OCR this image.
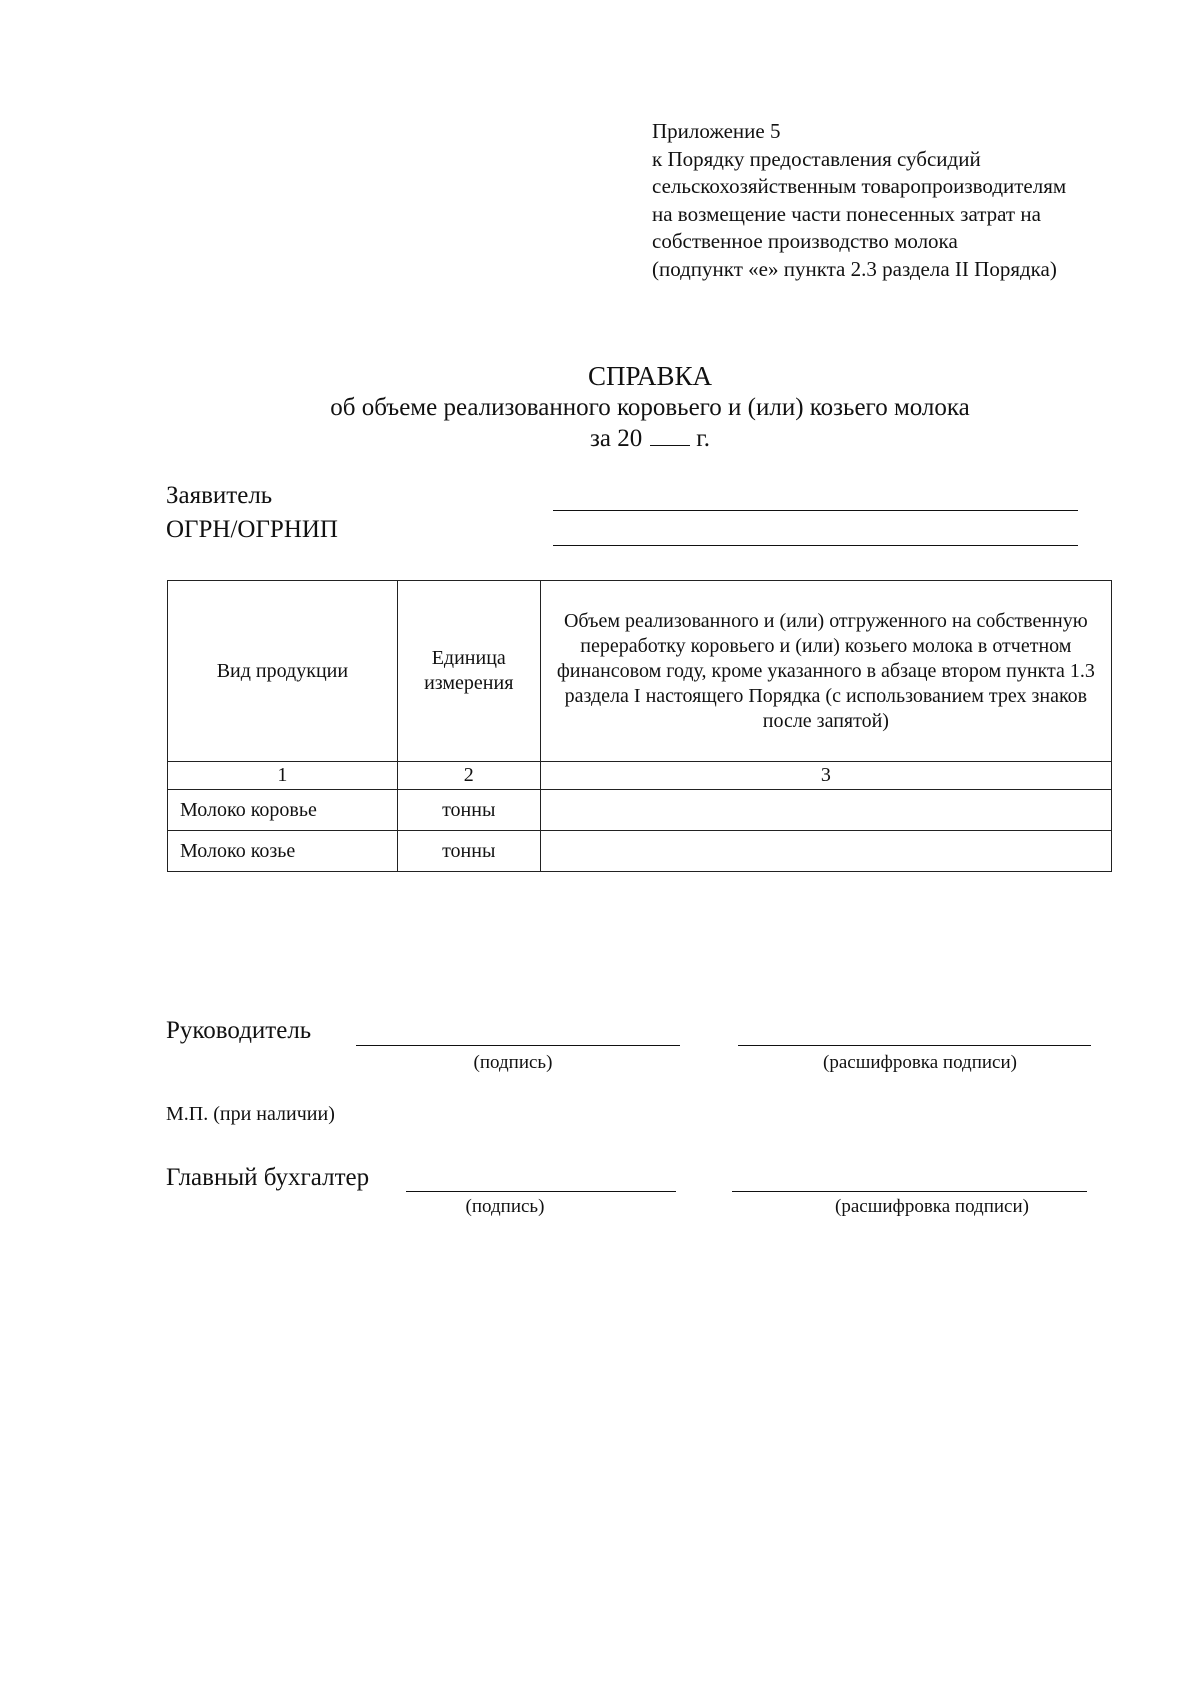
Приложение 5
к Порядку предоставления субсидий
сельскохозяйственным товаропроизводителям
на возмещение части понесенных затрат на
собственное производство молока
(подпункт «е» пункта 2.3 раздела II Порядка)
СПРАВКА
об объеме реализованного коровьего и (или) козьего молока
за 20 г.
Заявитель
ОГРН/ОГРНИП
Вид продукции	Единица измерения	Объем реализованного и (или) отгруженного на собственную переработку коровьего и (или) козьего молока в отчетном финансовом году, кроме указанного в абзаце втором пункта 1.3 раздела I настоящего Порядка (с использованием трех знаков после запятой)
1	2	3
Молоко коровье	тонны	
Молоко козье	тонны	
Руководитель
(подпись)	(расшифровка подписи)
М.П. (при наличии)
Главный бухгалтер
(подпись)	(расшифровка подписи)
